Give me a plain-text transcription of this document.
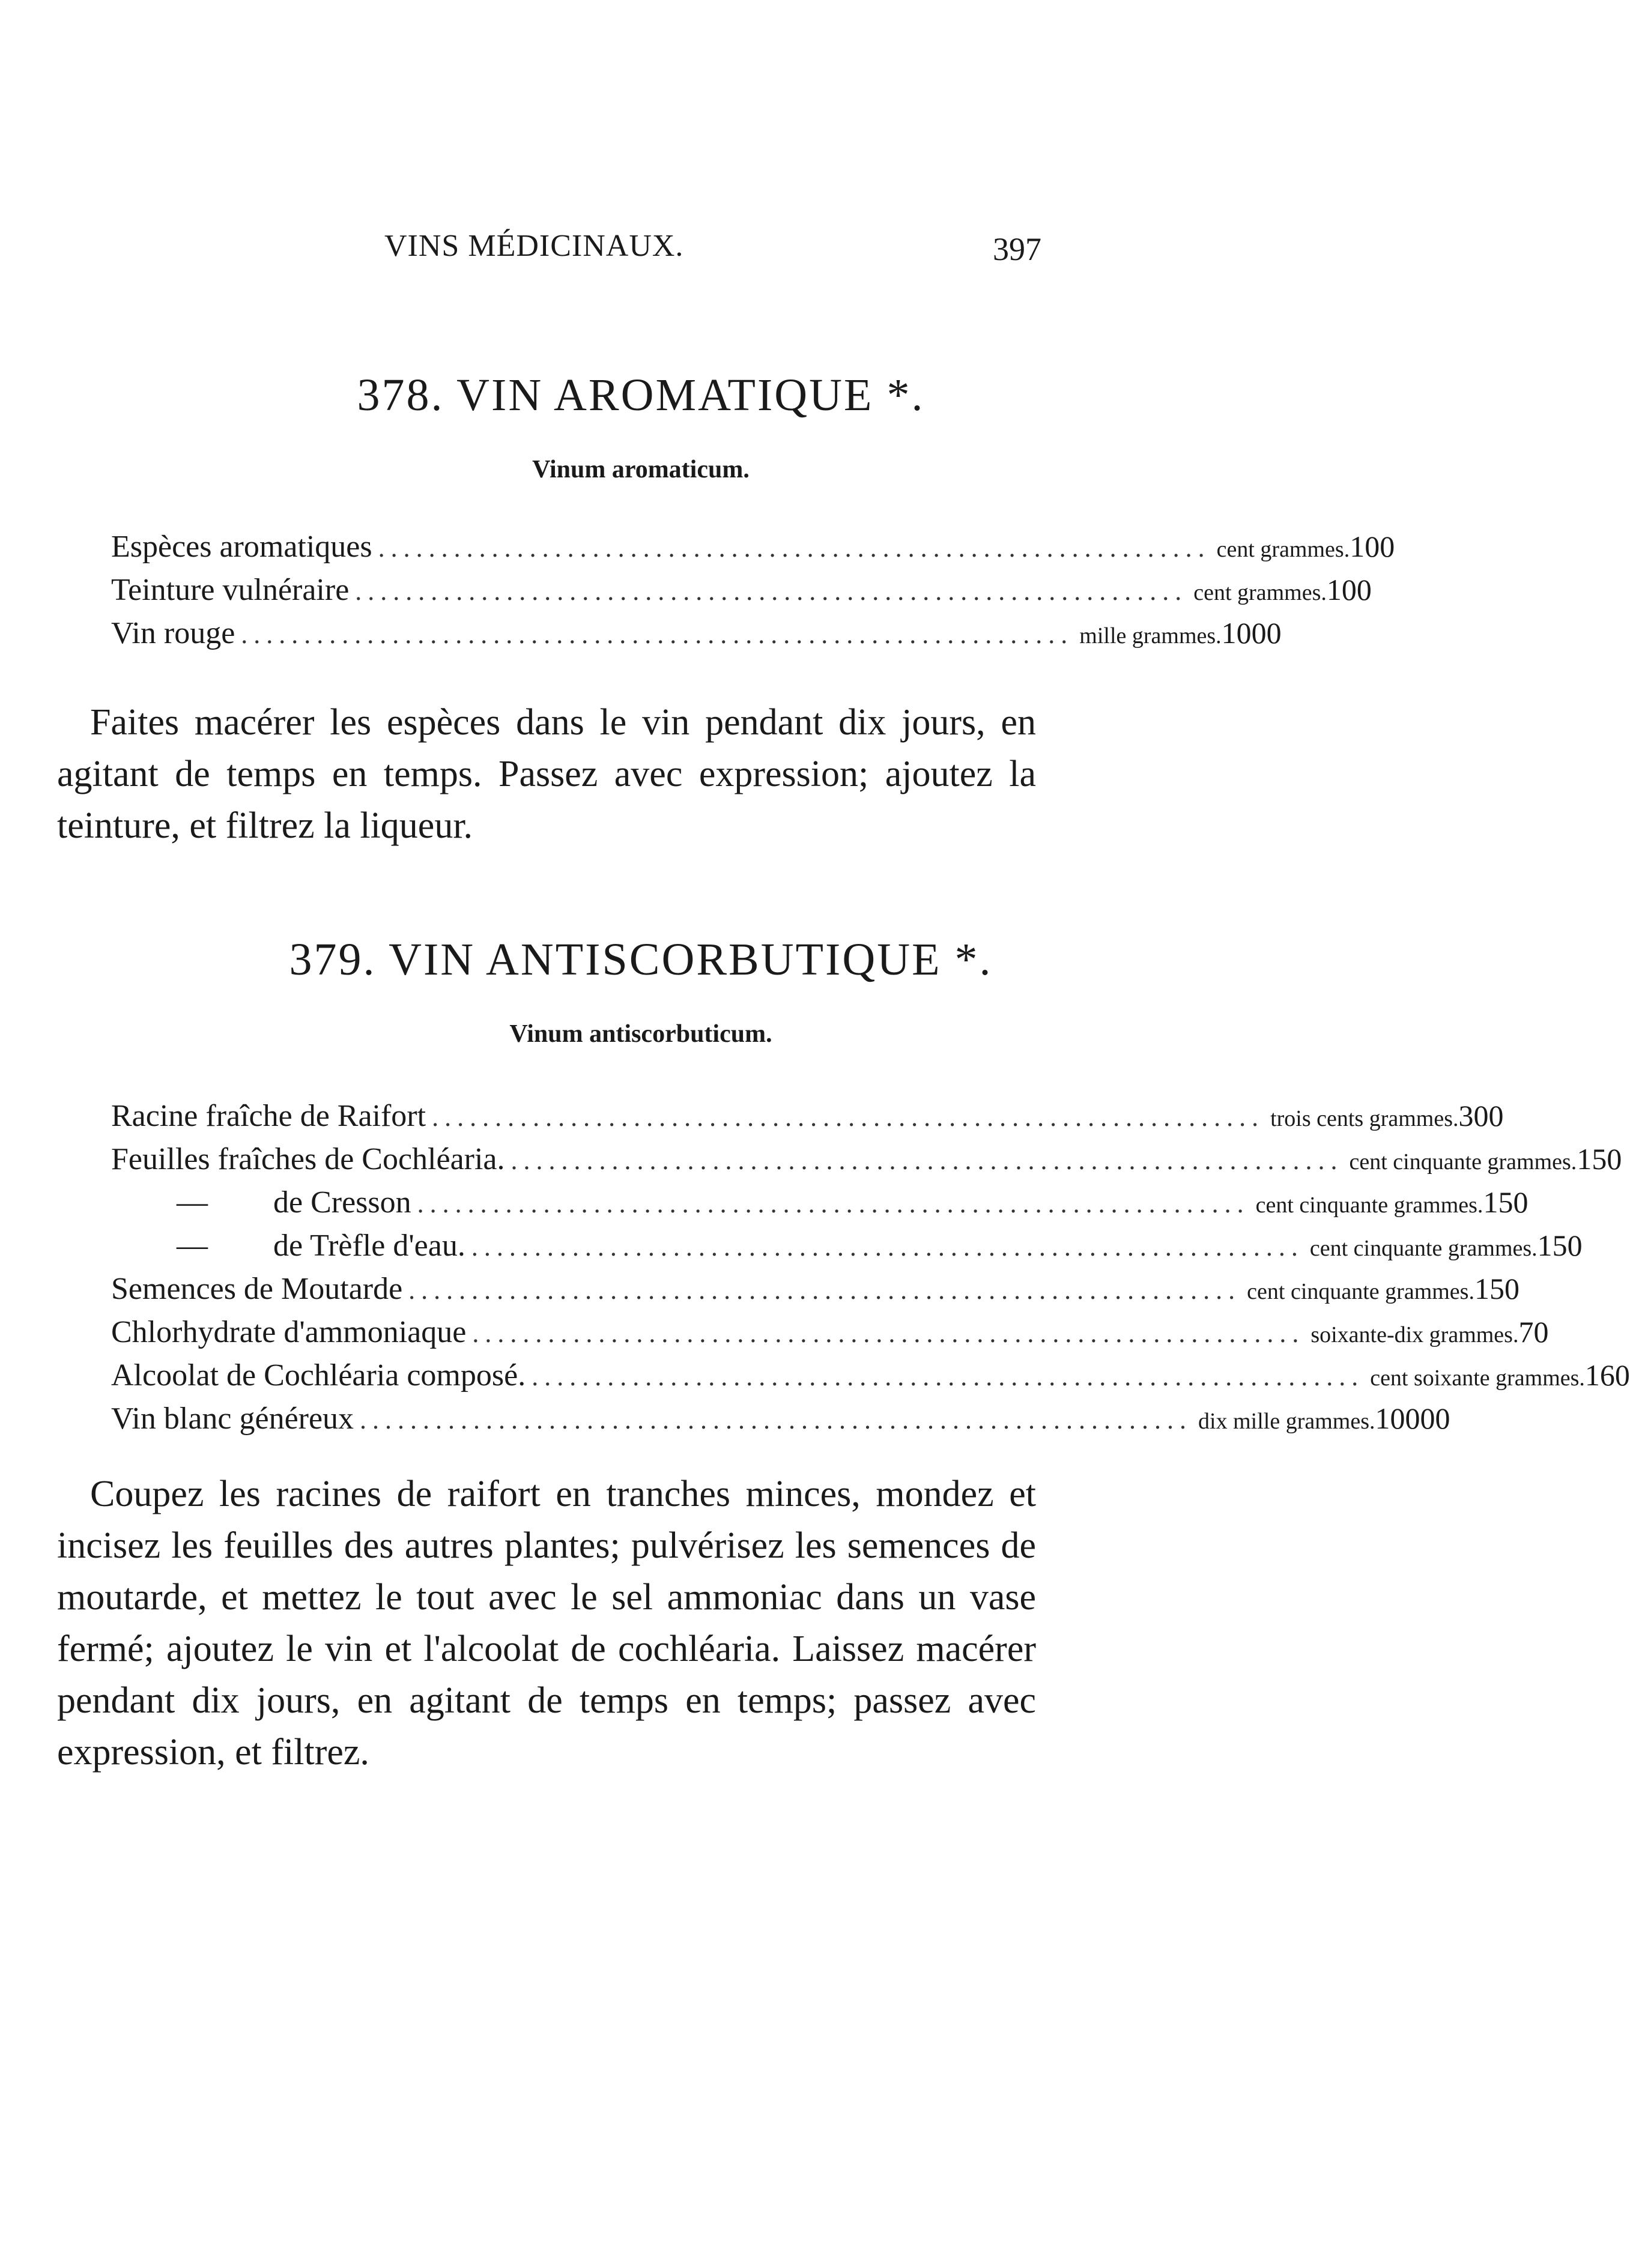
VINS MÉDICINAUX.	397
378. VIN AROMATIQUE *.
Vinum aromaticum.
Espèces aromatiques .................................................................. cent grammes. 100
Teinture vulnéraire .................................................................. cent grammes. 100
Vin rouge .................................................................. mille grammes. 1000

Faites macérer les espèces dans le vin pendant dix jours, en agitant de temps en temps. Passez avec expression; ajoutez la teinture, et filtrez la liqueur.

379. VIN ANTISCORBUTIQUE *.
Vinum antiscorbuticum.
Racine fraîche de Raifort .................................................................. trois cents grammes. 300
Feuilles fraîches de Cochléaria. .................................................................. cent cinquante grammes. 150
—	de Cresson .................................................................. cent cinquante grammes. 150
—	de Trèfle d'eau. .................................................................. cent cinquante grammes. 150
Semences de Moutarde .................................................................. cent cinquante grammes. 150
Chlorhydrate d'ammoniaque .................................................................. soixante-dix grammes. 70
Alcoolat de Cochléaria composé. .................................................................. cent soixante grammes. 160
Vin blanc généreux .................................................................. dix mille grammes. 10000

Coupez les racines de raifort en tranches minces, mondez et incisez les feuilles des autres plantes; pulvérisez les semences de moutarde, et mettez le tout avec le sel ammoniac dans un vase fermé; ajoutez le vin et l'alcoolat de cochléaria. Laissez macérer pendant dix jours, en agitant de temps en temps; passez avec expression, et filtrez.
